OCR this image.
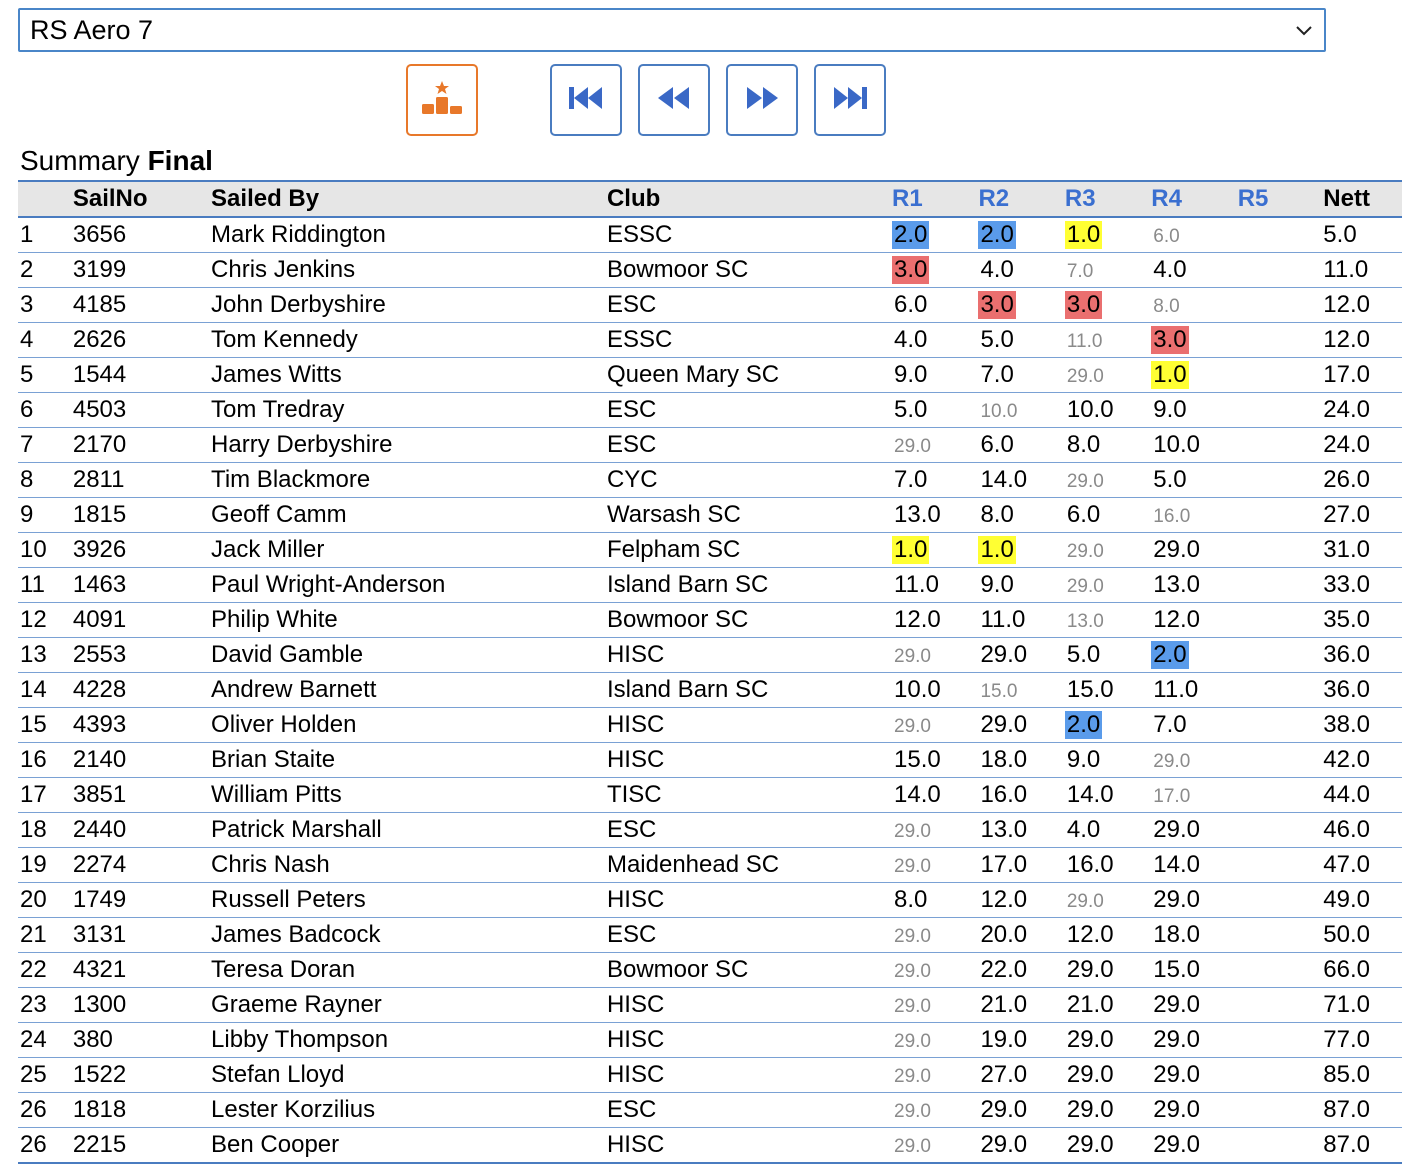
RS Aero 7
Summary Final
	SailNo	Sailed By	Club	R1	R2	R3	R4	R5	Nett
1	3656	Mark Riddington	ESSC	2.0	2.0	1.0	6.0		5.0
2	3199	Chris Jenkins	Bowmoor SC	3.0	4.0	7.0	4.0		11.0
3	4185	John Derbyshire	ESC	6.0	3.0	3.0	8.0		12.0
4	2626	Tom Kennedy	ESSC	4.0	5.0	11.0	3.0		12.0
5	1544	James Witts	Queen Mary SC	9.0	7.0	29.0	1.0		17.0
6	4503	Tom Tredray	ESC	5.0	10.0	10.0	9.0		24.0
7	2170	Harry Derbyshire	ESC	29.0	6.0	8.0	10.0		24.0
8	2811	Tim Blackmore	CYC	7.0	14.0	29.0	5.0		26.0
9	1815	Geoff Camm	Warsash SC	13.0	8.0	6.0	16.0		27.0
10	3926	Jack Miller	Felpham SC	1.0	1.0	29.0	29.0		31.0
11	1463	Paul Wright-Anderson	Island Barn SC	11.0	9.0	29.0	13.0		33.0
12	4091	Philip White	Bowmoor SC	12.0	11.0	13.0	12.0		35.0
13	2553	David Gamble	HISC	29.0	29.0	5.0	2.0		36.0
14	4228	Andrew Barnett	Island Barn SC	10.0	15.0	15.0	11.0		36.0
15	4393	Oliver Holden	HISC	29.0	29.0	2.0	7.0		38.0
16	2140	Brian Staite	HISC	15.0	18.0	9.0	29.0		42.0
17	3851	William Pitts	TISC	14.0	16.0	14.0	17.0		44.0
18	2440	Patrick Marshall	ESC	29.0	13.0	4.0	29.0		46.0
19	2274	Chris Nash	Maidenhead SC	29.0	17.0	16.0	14.0		47.0
20	1749	Russell Peters	HISC	8.0	12.0	29.0	29.0		49.0
21	3131	James Badcock	ESC	29.0	20.0	12.0	18.0		50.0
22	4321	Teresa Doran	Bowmoor SC	29.0	22.0	29.0	15.0		66.0
23	1300	Graeme Rayner	HISC	29.0	21.0	21.0	29.0		71.0
24	380	Libby Thompson	HISC	29.0	19.0	29.0	29.0		77.0
25	1522	Stefan Lloyd	HISC	29.0	27.0	29.0	29.0		85.0
26	1818	Lester Korzilius	ESC	29.0	29.0	29.0	29.0		87.0
26	2215	Ben Cooper	HISC	29.0	29.0	29.0	29.0		87.0
